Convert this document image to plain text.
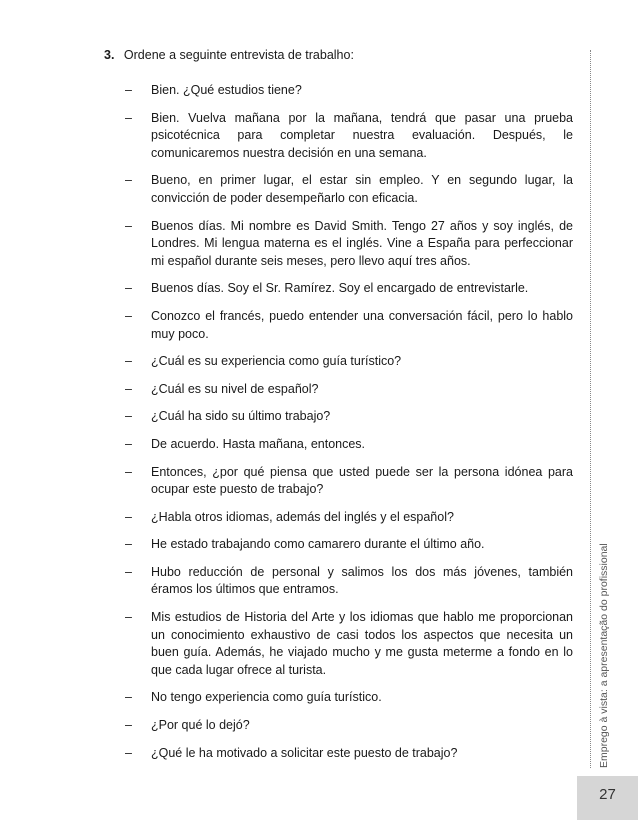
3. Ordene a seguinte entrevista de trabalho:
– Bien. ¿Qué estudios tiene?
– Bien. Vuelva mañana por la mañana, tendrá que pasar una prueba psicotécnica para completar nuestra evaluación. Después, le comunicaremos nuestra decisión en una semana.
– Bueno, en primer lugar, el estar sin empleo. Y en segundo lugar, la convicción de poder desempeñarlo con eficacia.
– Buenos días. Mi nombre es David Smith. Tengo 27 años y soy inglés, de Londres. Mi lengua materna es el inglés. Vine a España para perfeccionar mi español durante seis meses, pero llevo aquí tres años.
– Buenos días. Soy el Sr. Ramírez. Soy el encargado de entrevistarle.
– Conozco el francés, puedo entender una conversación fácil, pero lo hablo muy poco.
– ¿Cuál es su experiencia como guía turístico?
– ¿Cuál es su nivel de español?
– ¿Cuál ha sido su último trabajo?
– De acuerdo. Hasta mañana, entonces.
– Entonces, ¿por qué piensa que usted puede ser la persona idónea para ocupar este puesto de trabajo?
– ¿Habla otros idiomas, además del inglés y el español?
– He estado trabajando como camarero durante el último año.
– Hubo reducción de personal y salimos los dos más jóvenes, también éramos los últimos que entramos.
– Mis estudios de Historia del Arte y los idiomas que hablo me proporcionan un conocimiento exhaustivo de casi todos los aspectos que necesita un buen guía. Además, he viajado mucho y me gusta meterme a fondo en lo que cada lugar ofrece al turista.
– No tengo experiencia como guía turístico.
– ¿Por qué lo dejó?
– ¿Qué le ha motivado a solicitar este puesto de trabajo?	Emprego à vista: a apresentação do profissional
27
